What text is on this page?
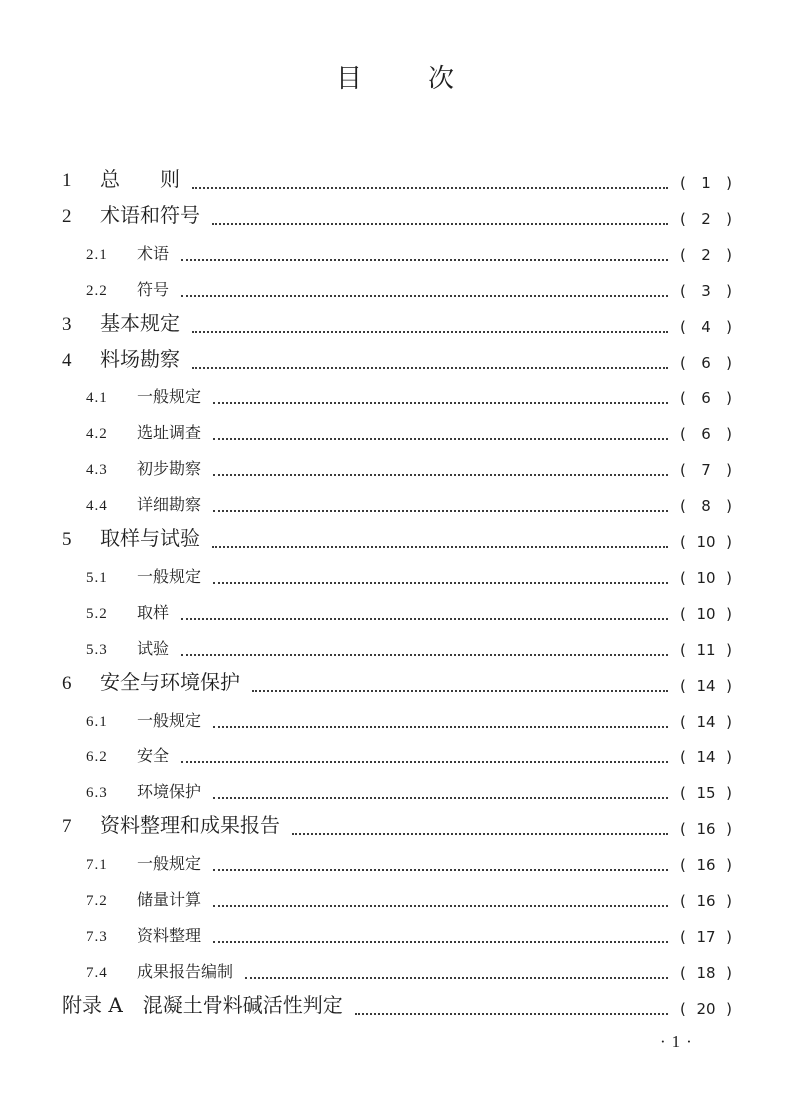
目	次
1 总　　则	( 1 )
2 术语和符号	( 2 )
2.1 术语	( 2 )
2.2 符号	( 3 )
3 基本规定	( 4 )
4 料场勘察	( 6 )
4.1 一般规定	( 6 )
4.2 选址调查	( 6 )
4.3 初步勘察	( 7 )
4.4 详细勘察	( 8 )
5 取样与试验	( 10 )
5.1 一般规定	( 10 )
5.2 取样	( 10 )
5.3 试验	( 11 )
6 安全与环境保护	( 14 )
6.1 一般规定	( 14 )
6.2 安全	( 14 )
6.3 环境保护	( 15 )
7 资料整理和成果报告	( 16 )
7.1 一般规定	( 16 )
7.2 储量计算	( 16 )
7.3 资料整理	( 17 )
7.4 成果报告编制	( 18 )
附录 A　混凝土骨料碱活性判定	( 20 )
·1·
